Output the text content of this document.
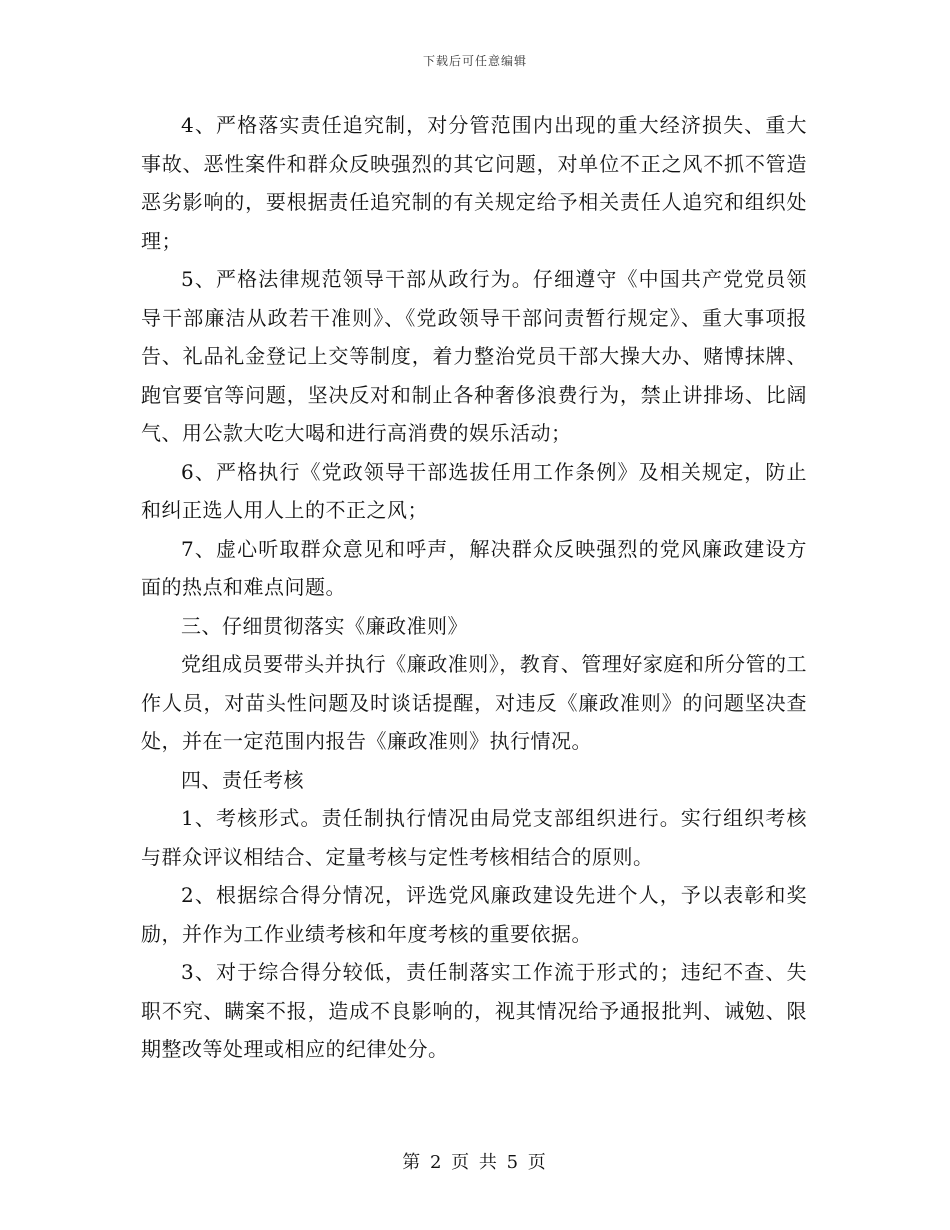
下载后可任意编辑

4、严格落实责任追究制，对分管范围内出现的重大经济损失、重大事故、恶性案件和群众反映强烈的其它问题，对单位不正之风不抓不管造恶劣影响的，要根据责任追究制的有关规定给予相关责任人追究和组织处理；

5、严格法律规范领导干部从政行为。仔细遵守《中国共产党党员领导干部廉洁从政若干准则》、《党政领导干部问责暂行规定》、重大事项报告、礼品礼金登记上交等制度，着力整治党员干部大操大办、赌博抹牌、跑官要官等问题，坚决反对和制止各种奢侈浪费行为，禁止讲排场、比阔气、用公款大吃大喝和进行高消费的娱乐活动；

6、严格执行《党政领导干部选拔任用工作条例》及相关规定，防止和纠正选人用人上的不正之风；

7、虚心听取群众意见和呼声，解决群众反映强烈的党风廉政建设方面的热点和难点问题。

三、仔细贯彻落实《廉政准则》

党组成员要带头并执行《廉政准则》，教育、管理好家庭和所分管的工作人员，对苗头性问题及时谈话提醒，对违反《廉政准则》的问题坚决查处，并在一定范围内报告《廉政准则》执行情况。

四、责任考核

1、考核形式。责任制执行情况由局党支部组织进行。实行组织考核与群众评议相结合、定量考核与定性考核相结合的原则。

2、根据综合得分情况，评选党风廉政建设先进个人，予以表彰和奖励，并作为工作业绩考核和年度考核的重要依据。

3、对于综合得分较低，责任制落实工作流于形式的；违纪不查、失职不究、瞒案不报，造成不良影响的，视其情况给予通报批判、诫勉、限期整改等处理或相应的纪律处分。

第 2 页 共 5 页
